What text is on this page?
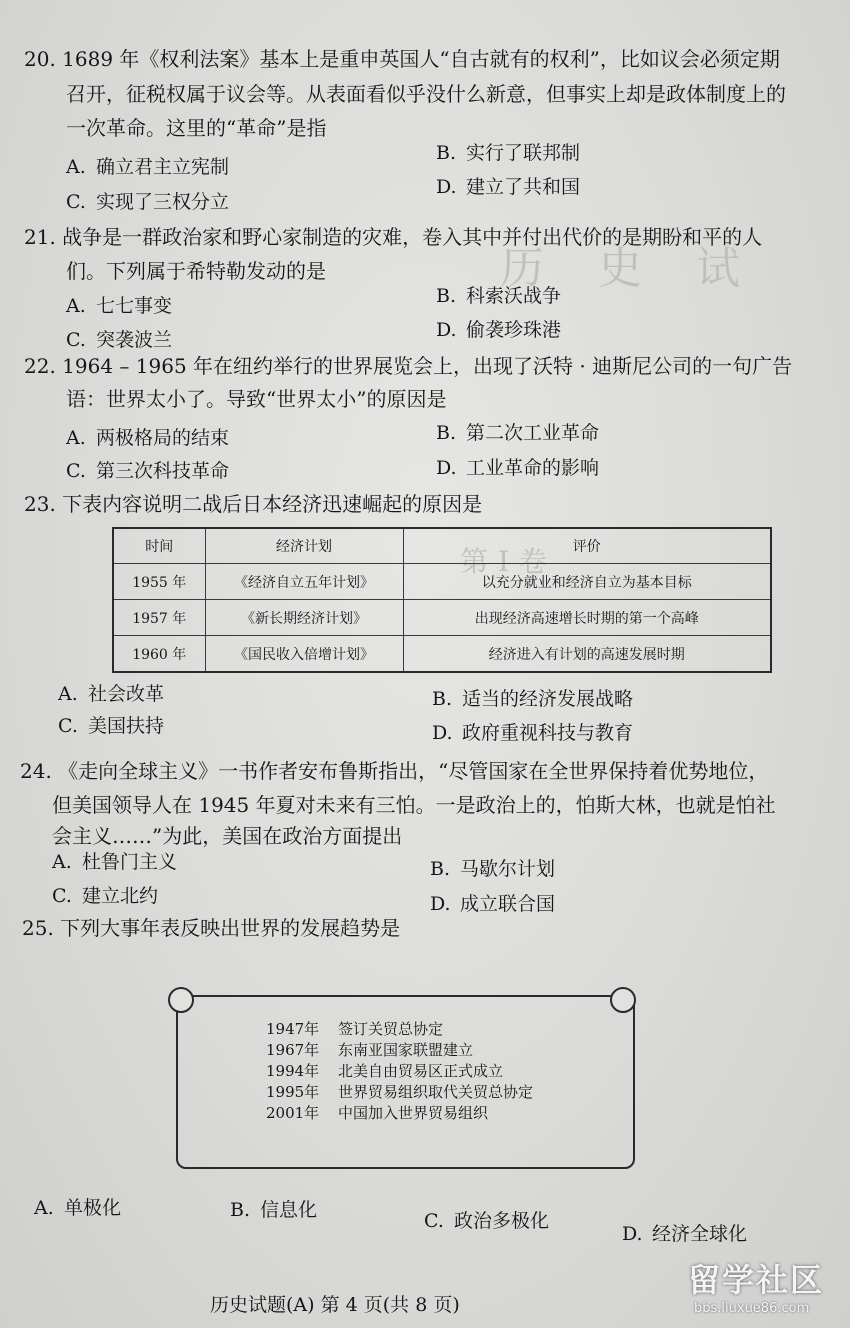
历 史 试
第Ⅰ卷
20. 1689 年《权利法案》基本上是重申英国人“自古就有的权利”，比如议会必须定期
召开，征税权属于议会等。从表面看似乎没什么新意，但事实上却是政体制度上的
一次革命。这里的“革命”是指
A. 确立君主立宪制
B. 实行了联邦制
C. 实现了三权分立
D. 建立了共和国
21. 战争是一群政治家和野心家制造的灾难，卷入其中并付出代价的是期盼和平的人
们。下列属于希特勒发动的是
A. 七七事变	B. 科索沃战争
C. 突袭波兰	D. 偷袭珍珠港
22. 1964 – 1965 年在纽约举行的世界展览会上，出现了沃特 · 迪斯尼公司的一句广告
语：世界太小了。导致“世界太小”的原因是
A. 两极格局的结束	B. 第二次工业革命
C. 第三次科技革命	D. 工业革命的影响
23. 下表内容说明二战后日本经济迅速崛起的原因是
时间	经济计划	评价
1955 年	《经济自立五年计划》	以充分就业和经济自立为基本目标
1957 年	《新长期经济计划》	出现经济高速增长时期的第一个高峰
1960 年	《国民收入倍增计划》	经济进入有计划的高速发展时期
A. 社会改革	B. 适当的经济发展战略
C. 美国扶持	D. 政府重视科技与教育
24. 《走向全球主义》一书作者安布鲁斯指出，“尽管国家在全世界保持着优势地位，
但美国领导人在 1945 年夏对未来有三怕。一是政治上的，怕斯大林，也就是怕社
会主义……”为此，美国在政治方面提出
A. 杜鲁门主义	B. 马歇尔计划
C. 建立北约	D. 成立联合国
25. 下列大事年表反映出世界的发展趋势是
1947年 签订关贸总协定
1967年 东南亚国家联盟建立
1994年 北美自由贸易区正式成立
1995年 世界贸易组织取代关贸总协定
2001年 中国加入世界贸易组织
A. 单极化	B. 信息化	C. 政治多极化
D. 经济全球化
历史试题(A) 第 4 页(共 8 页)
留学社区
bbs.liuxue86.com
